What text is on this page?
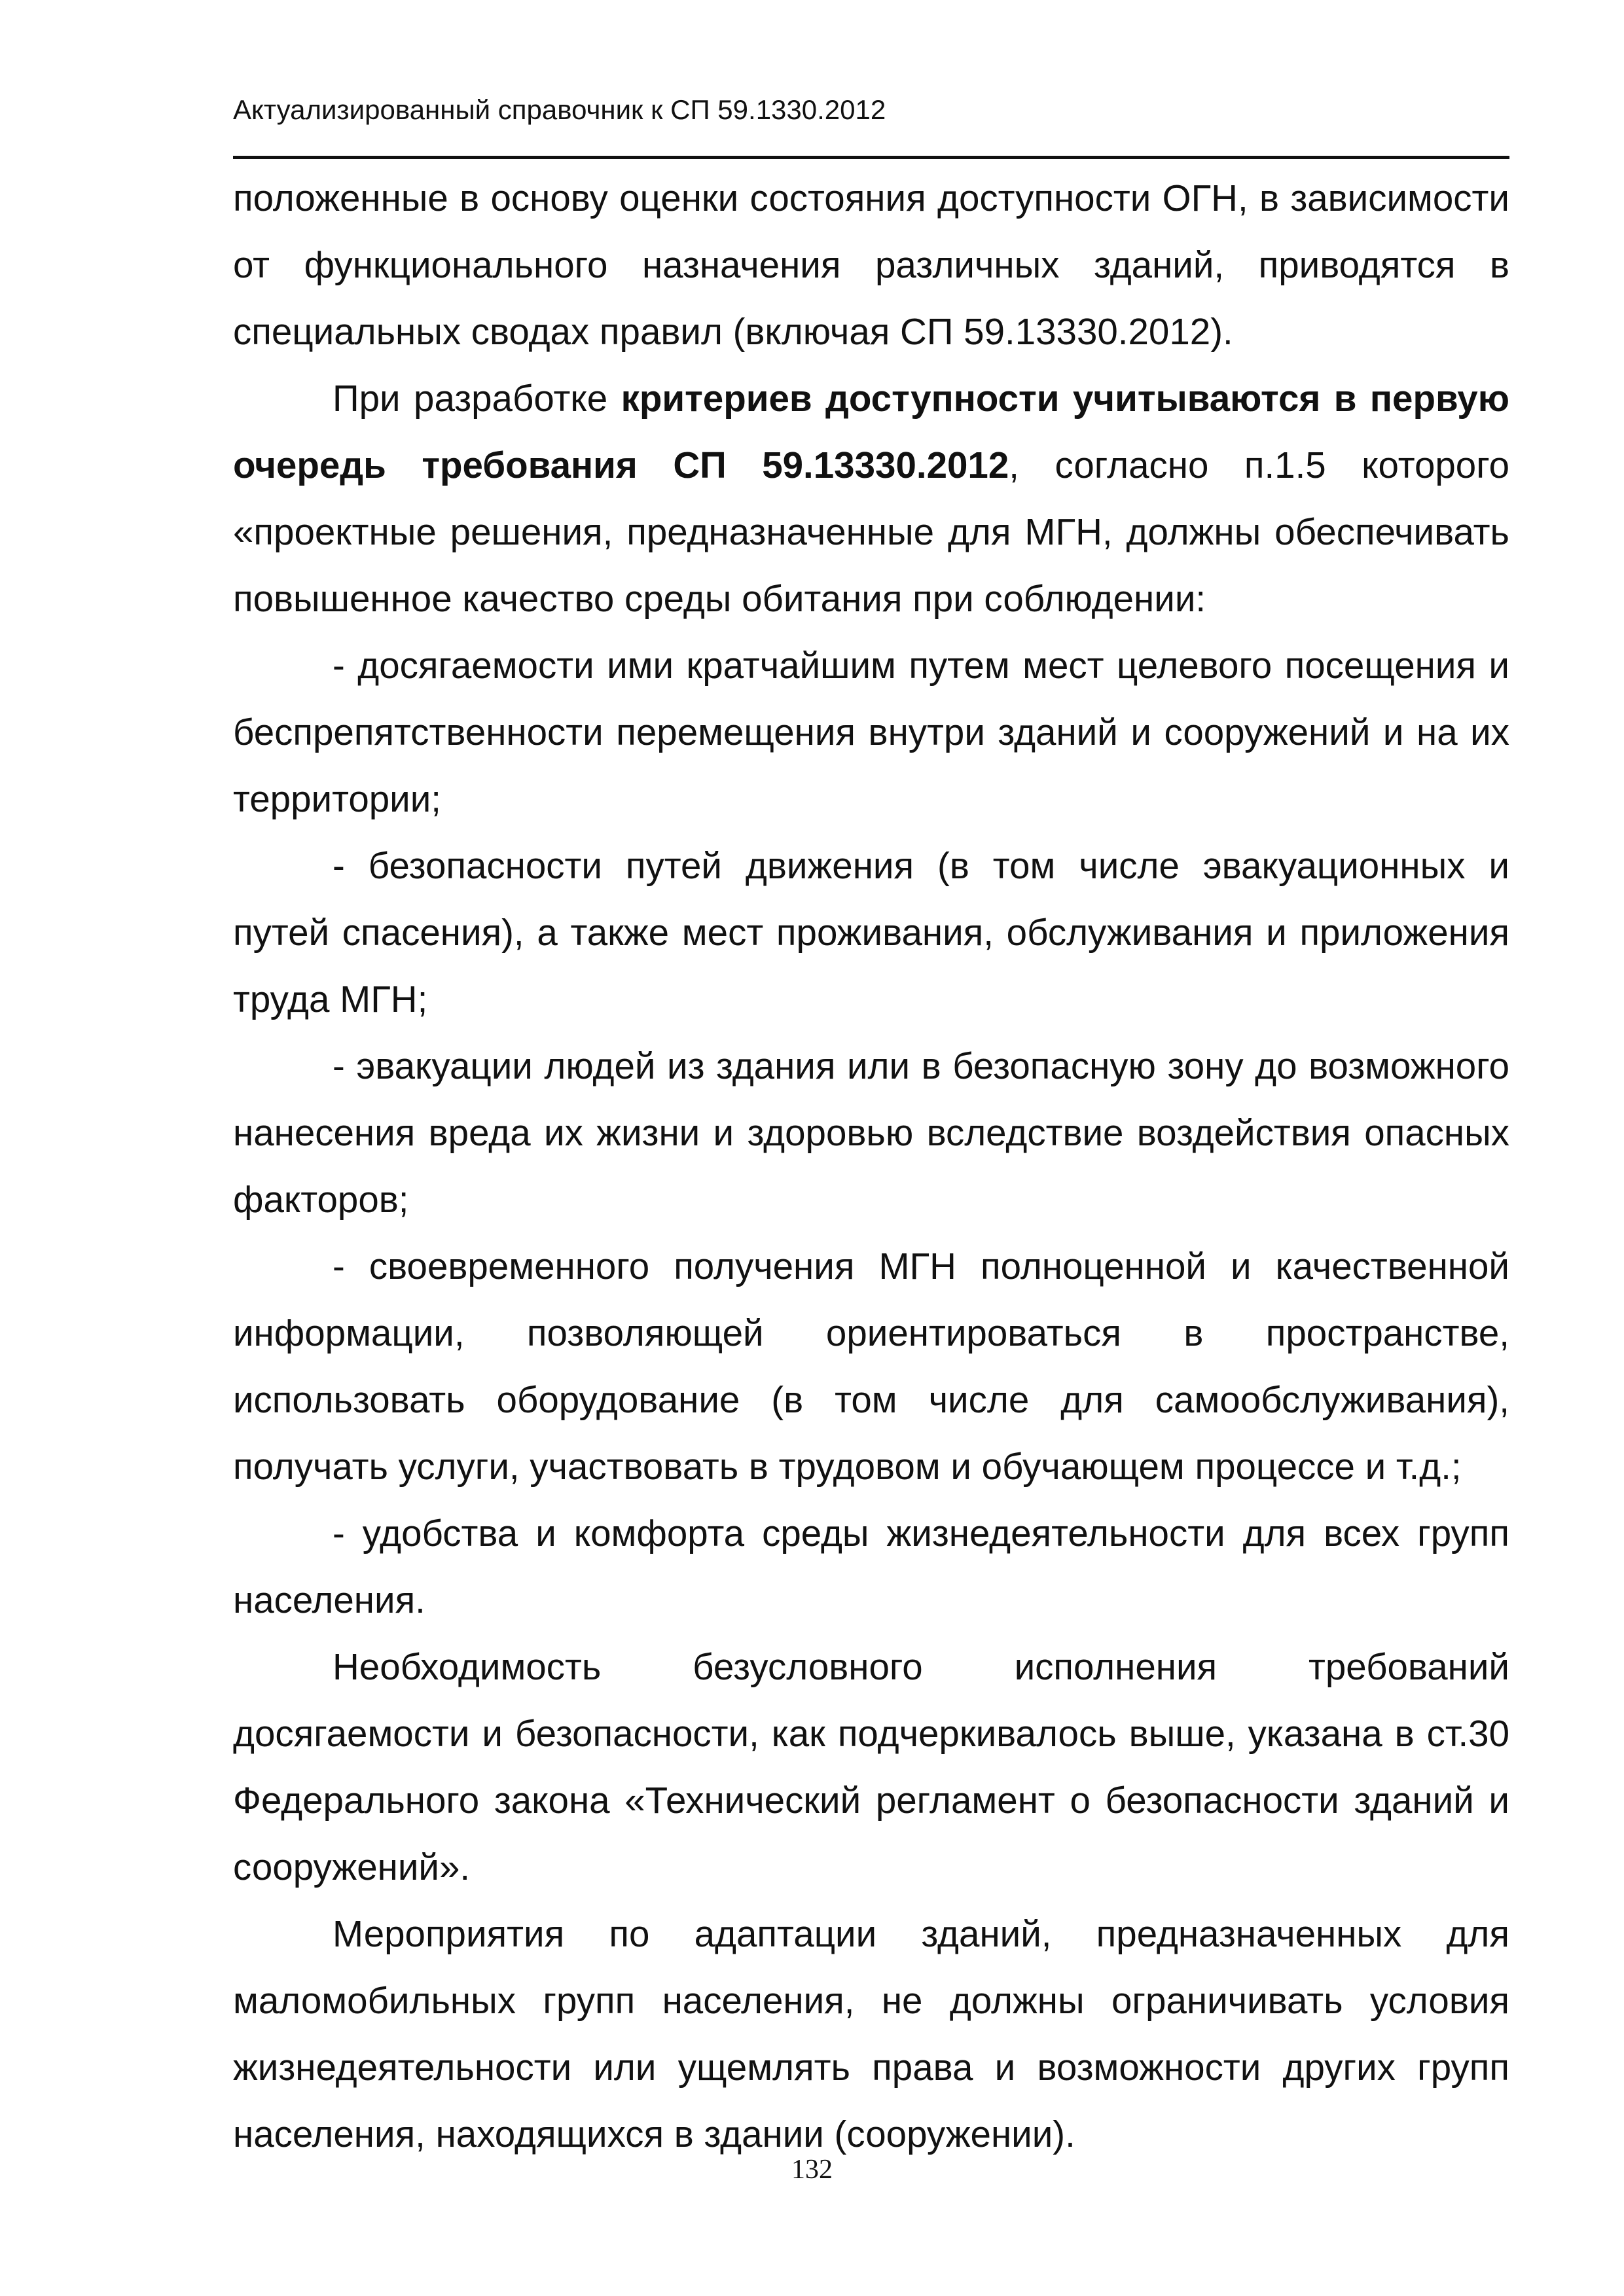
Актуализированный справочник к СП 59.1330.2012

положенные в основу оценки состояния доступности ОГН, в зависимости от функционального назначения различных зданий, приводятся в специальных сводах правил (включая СП 59.13330.2012).

При разработке критериев доступности учитываются в первую очередь требования СП 59.13330.2012, согласно п.1.5 которого «проектные решения, предназначенные для МГН, должны обеспечивать повышенное качество среды обитания при соблюдении:

- досягаемости ими кратчайшим путем мест целевого посещения и беспрепятственности перемещения внутри зданий и сооружений и на их территории;

- безопасности путей движения (в том числе эвакуационных и путей спасения), а также мест проживания, обслуживания и приложения труда МГН;

- эвакуации людей из здания или в безопасную зону до возможного нанесения вреда их жизни и здоровью вследствие воздействия опасных факторов;

- своевременного получения МГН полноценной и качественной информации, позволяющей ориентироваться в пространстве, использовать оборудование (в том числе для самообслуживания), получать услуги, участвовать в трудовом и обучающем процессе и т.д.;

- удобства и комфорта среды жизнедеятельности для всех групп населения.

Необходимость безусловного исполнения требований досягаемости и безопасности, как подчеркивалось выше, указана в ст.30 Федерального закона «Технический регламент о безопасности зданий и сооружений».

Мероприятия по адаптации зданий, предназначенных для маломобильных групп населения, не должны ограничивать условия жизнедеятельности или ущемлять права и возможности других групп населения, находящихся в здании (сооружении).

132
